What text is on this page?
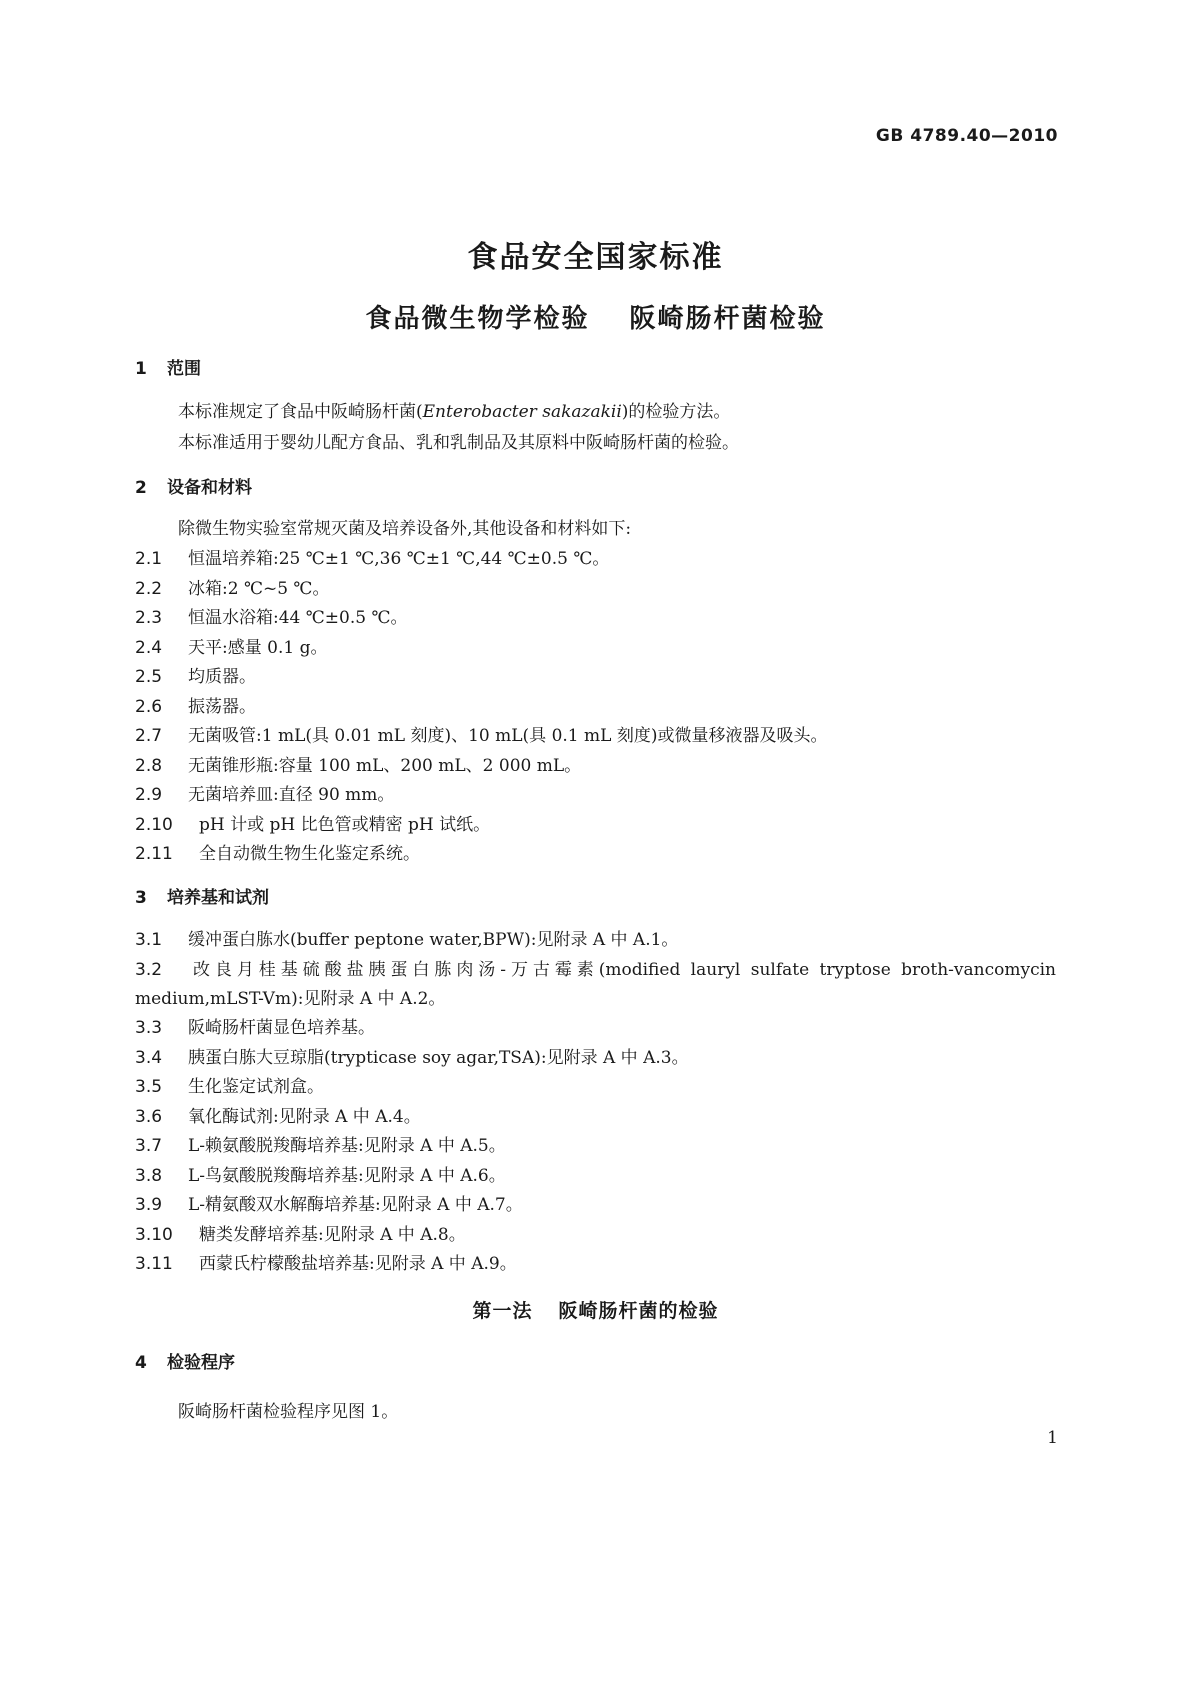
GB 4789.40—2010
食品安全国家标准
食品微生物学检验 阪崎肠杆菌检验
1 范围
本标准规定了食品中阪崎肠杆菌(Enterobacter sakazakii)的检验方法。
本标准适用于婴幼儿配方食品、乳和乳制品及其原料中阪崎肠杆菌的检验。
2 设备和材料
除微生物实验室常规灭菌及培养设备外,其他设备和材料如下:
2.1 恒温培养箱:25 ℃±1 ℃,36 ℃±1 ℃,44 ℃±0.5 ℃。
2.2 冰箱:2 ℃~5 ℃。
2.3 恒温水浴箱:44 ℃±0.5 ℃。
2.4 天平:感量 0.1 g。
2.5 均质器。
2.6 振荡器。
2.7 无菌吸管:1 mL(具 0.01 mL 刻度)、10 mL(具 0.1 mL 刻度)或微量移液器及吸头。
2.8 无菌锥形瓶:容量 100 mL、200 mL、2 000 mL。
2.9 无菌培养皿:直径 90 mm。
2.10 pH 计或 pH 比色管或精密 pH 试纸。
2.11 全自动微生物生化鉴定系统。
3 培养基和试剂
3.1 缓冲蛋白胨水(buffer peptone water,BPW):见附录 A 中 A.1。
3.2 改良月桂基硫酸盐胰蛋白胨肉汤-万古霉素(modified lauryl sulfate tryptose broth-vancomycin
medium,mLST-Vm):见附录 A 中 A.2。
3.3 阪崎肠杆菌显色培养基。
3.4 胰蛋白胨大豆琼脂(trypticase soy agar,TSA):见附录 A 中 A.3。
3.5 生化鉴定试剂盒。
3.6 氧化酶试剂:见附录 A 中 A.4。
3.7 L-赖氨酸脱羧酶培养基:见附录 A 中 A.5。
3.8 L-鸟氨酸脱羧酶培养基:见附录 A 中 A.6。
3.9 L-精氨酸双水解酶培养基:见附录 A 中 A.7。
3.10 糖类发酵培养基:见附录 A 中 A.8。
3.11 西蒙氏柠檬酸盐培养基:见附录 A 中 A.9。
第一法 阪崎肠杆菌的检验
4 检验程序
阪崎肠杆菌检验程序见图 1。
1
